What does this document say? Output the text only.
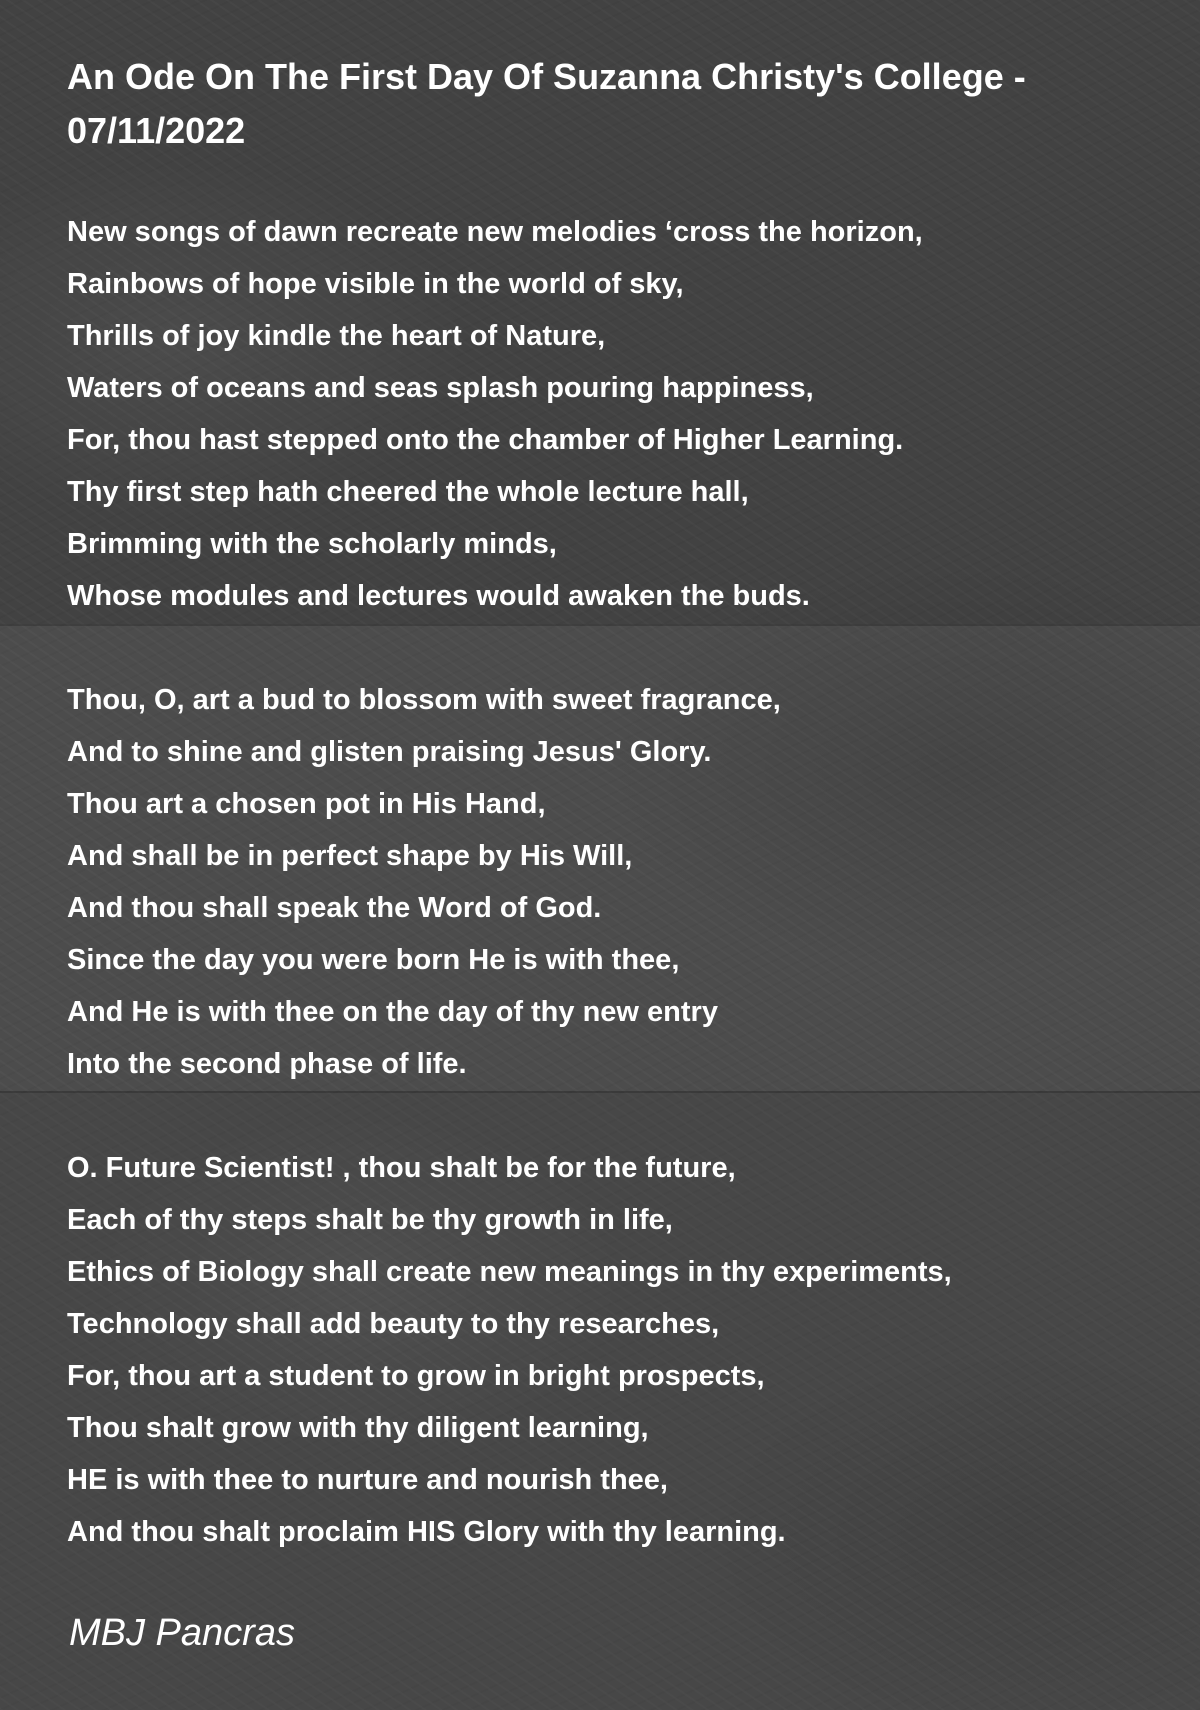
An Ode On The First Day Of Suzanna Christy's College - 07/11/2022
New songs of dawn recreate new melodies ‘cross the horizon,
Rainbows of hope visible in the world of sky,
Thrills of joy kindle the heart of Nature,
Waters of oceans and seas splash pouring happiness,
For, thou hast stepped onto the chamber of Higher Learning.
Thy first step hath cheered the whole lecture hall,
Brimming with the scholarly minds,
Whose modules and lectures would awaken the buds.
Thou, O, art a bud to blossom with sweet fragrance,
And to shine and glisten praising Jesus' Glory.
Thou art a chosen pot in His Hand,
And shall be in perfect shape by His Will,
And thou shall speak the Word of God.
Since the day you were born He is with thee,
And He is with thee on the day of thy new entry
Into the second phase of life.
O. Future Scientist! , thou shalt be for the future,
Each of thy steps shalt be thy growth in life,
Ethics of Biology shall create new meanings in thy experiments,
Technology shall add beauty to thy researches,
For, thou art a student to grow in bright prospects,
Thou shalt grow with thy diligent learning,
HE is with thee to nurture and nourish thee,
And thou shalt proclaim HIS Glory with thy learning.

MBJ Pancras
